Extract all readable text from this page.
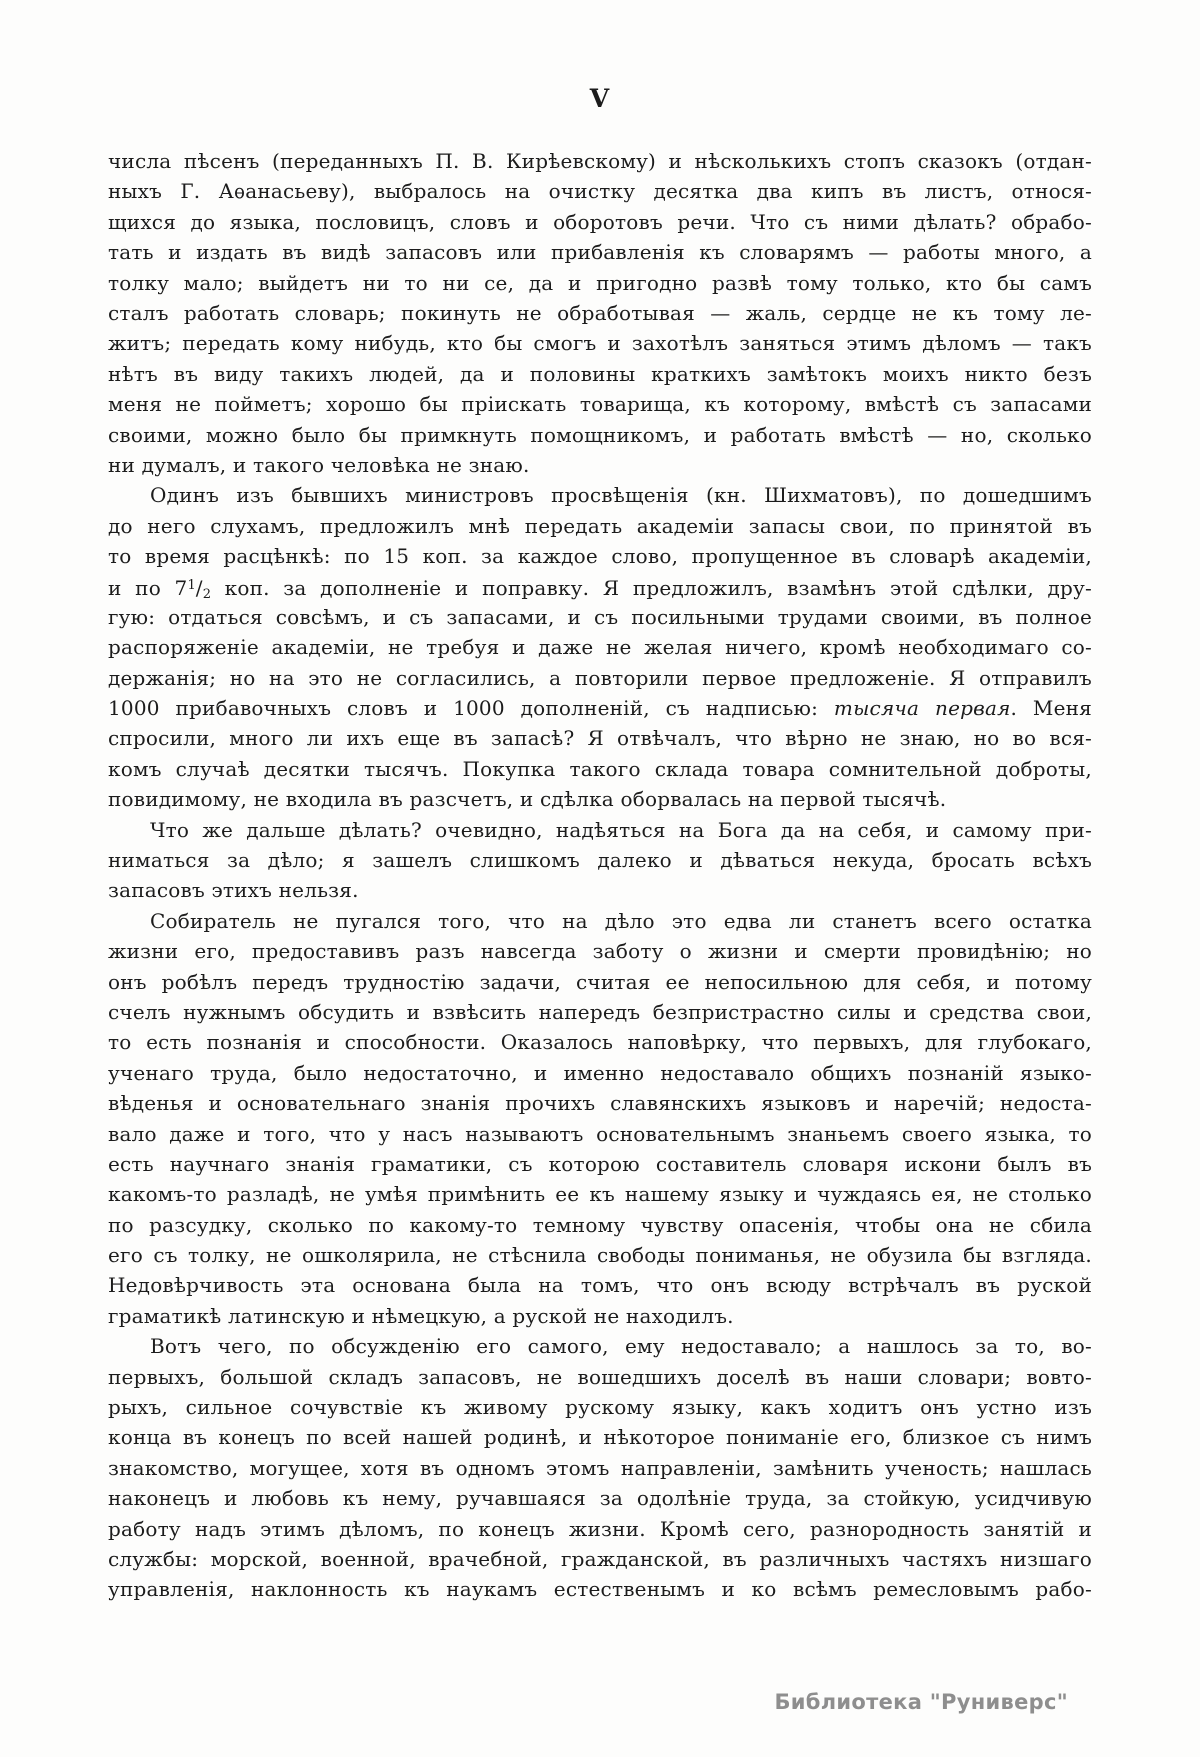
V
числа пѣсенъ (переданныхъ П. В. Кирѣевскому) и нѣсколькихъ стопъ сказокъ (отдан-
ныхъ Г. Аѳанасьеву), выбралось на очистку десятка два кипъ въ листъ, относя-
щихся до языка, пословицъ, словъ и оборотовъ речи. Что съ ними дѣлать? обрабо-
тать и издать въ видѣ запасовъ или прибавленія къ словарямъ — работы много, а
толку мало; выйдетъ ни то ни се, да и пригодно развѣ тому только, кто бы самъ
сталъ работать словарь; покинуть не обработывая — жаль, сердце не къ тому ле-
житъ; передать кому нибудь, кто бы смогъ и захотѣлъ заняться этимъ дѣломъ — такъ
нѣтъ въ виду такихъ людей, да и половины краткихъ замѣтокъ моихъ никто безъ
меня не пойметъ; хорошо бы пріискать товарища, къ которому, вмѣстѣ съ запасами
своими, можно было бы примкнуть помощникомъ, и работать вмѣстѣ — но, сколько
ни думалъ, и такого человѣка не знаю.
Одинъ изъ бывшихъ министровъ просвѣщенія (кн. Шихматовъ), по дошедшимъ
до него слухамъ, предложилъ мнѣ передать академіи запасы свои, по принятой въ
то время расцѣнкѣ: по 15 коп. за каждое слово, пропущенное въ словарѣ академіи,
и по $7^1/_2$ коп. за дополненіе и поправку. Я предложилъ, взамѣнъ этой сдѣлки, дру-
гую: отдаться совсѣмъ, и съ запасами, и съ посильными трудами своими, въ полное
распоряженіе академіи, не требуя и даже не желая ничего, кромѣ необходимаго со-
держанія; но на это не согласились, а повторили первое предложеніе. Я отправилъ
1000 прибавочныхъ словъ и 1000 дополненій, съ надписью: тысяча первая. Меня
спросили, много ли ихъ еще въ запасѣ? Я отвѣчалъ, что вѣрно не знаю, но во вся-
комъ случаѣ десятки тысячъ. Покупка такого склада товара сомнительной доброты,
повидимому, не входила въ разсчетъ, и сдѣлка оборвалась на первой тысячѣ.
Что же дальше дѣлать? очевидно, надѣяться на Бога да на себя, и самому при-
ниматься за дѣло; я зашелъ слишкомъ далеко и дѣваться некуда, бросать всѣхъ
запасовъ этихъ нельзя.
Собиратель не пугался того, что на дѣло это едва ли станетъ всего остатка
жизни его, предоставивъ разъ навсегда заботу о жизни и смерти провидѣнію; но
онъ робѣлъ передъ трудностію задачи, считая ее непосильною для себя, и потому
счелъ нужнымъ обсудить и взвѣсить напередъ безпристрастно силы и средства свои,
то есть познанія и способности. Оказалось наповѣрку, что первыхъ, для глубокаго,
ученаго труда, было недостаточно, и именно недоставало общихъ познаній языко-
вѣденья и основательнаго знанія прочихъ славянскихъ языковъ и наречій; недоста-
вало даже и того, что у насъ называютъ основательнымъ знаньемъ своего языка, то
есть научнаго знанія граматики, съ которою составитель словаря искони былъ въ
какомъ-то разладѣ, не умѣя примѣнить ее къ нашему языку и чуждаясь ея, не столько
по разсудку, сколько по какому-то темному чувству опасенія, чтобы она не сбила
его съ толку, не ошколярила, не стѣснила свободы пониманья, не обузила бы взгляда.
Недовѣрчивость эта основана была на томъ, что онъ всюду встрѣчалъ въ руской
граматикѣ латинскую и нѣмецкую, а руской не находилъ.
Вотъ чего, по обсужденію его самого, ему недоставало; а нашлось за то, во-
первыхъ, большой складъ запасовъ, не вошедшихъ доселѣ въ наши словари; вовто-
рыхъ, сильное сочувствіе къ живому рускому языку, какъ ходитъ онъ устно изъ
конца въ конецъ по всей нашей родинѣ, и нѣкоторое пониманіе его, близкое съ нимъ
знакомство, могущее, хотя въ одномъ этомъ направленіи, замѣнить ученость; нашлась
наконецъ и любовь къ нему, ручавшаяся за одолѣніе труда, за стойкую, усидчивую
работу надъ этимъ дѣломъ, по конецъ жизни. Кромѣ сего, разнородность занятій и
службы: морской, военной, врачебной, гражданской, въ различныхъ частяхъ низшаго
управленія, наклонность къ наукамъ естественымъ и ко всѣмъ ремесловымъ рабо-
Библиотека "Руниверс"
